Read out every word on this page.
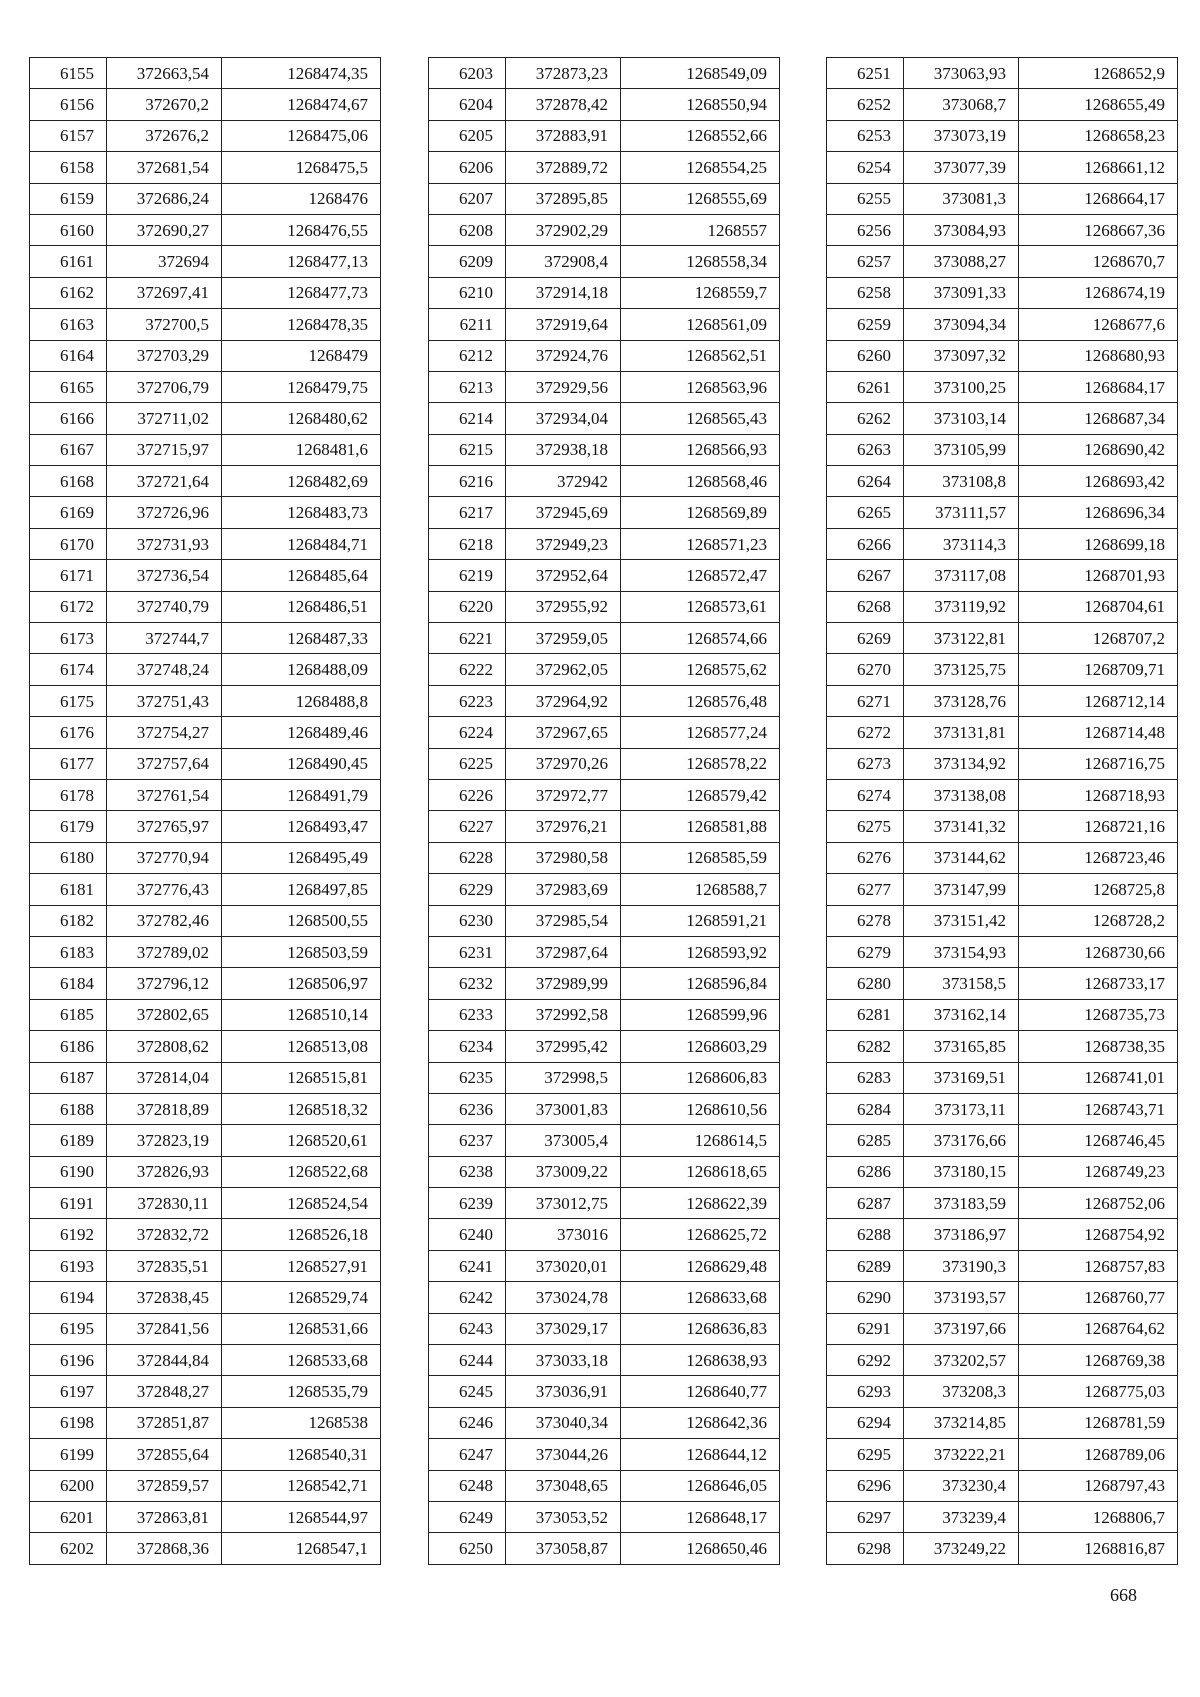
6155	372663,54	1268474,35
6156	372670,2	1268474,67
6157	372676,2	1268475,06
6158	372681,54	1268475,5
6159	372686,24	1268476
6160	372690,27	1268476,55
6161	372694	1268477,13
6162	372697,41	1268477,73
6163	372700,5	1268478,35
6164	372703,29	1268479
6165	372706,79	1268479,75
6166	372711,02	1268480,62
6167	372715,97	1268481,6
6168	372721,64	1268482,69
6169	372726,96	1268483,73
6170	372731,93	1268484,71
6171	372736,54	1268485,64
6172	372740,79	1268486,51
6173	372744,7	1268487,33
6174	372748,24	1268488,09
6175	372751,43	1268488,8
6176	372754,27	1268489,46
6177	372757,64	1268490,45
6178	372761,54	1268491,79
6179	372765,97	1268493,47
6180	372770,94	1268495,49
6181	372776,43	1268497,85
6182	372782,46	1268500,55
6183	372789,02	1268503,59
6184	372796,12	1268506,97
6185	372802,65	1268510,14
6186	372808,62	1268513,08
6187	372814,04	1268515,81
6188	372818,89	1268518,32
6189	372823,19	1268520,61
6190	372826,93	1268522,68
6191	372830,11	1268524,54
6192	372832,72	1268526,18
6193	372835,51	1268527,91
6194	372838,45	1268529,74
6195	372841,56	1268531,66
6196	372844,84	1268533,68
6197	372848,27	1268535,79
6198	372851,87	1268538
6199	372855,64	1268540,31
6200	372859,57	1268542,71
6201	372863,81	1268544,97
6202	372868,36	1268547,1
6203	372873,23	1268549,09
6204	372878,42	1268550,94
6205	372883,91	1268552,66
6206	372889,72	1268554,25
6207	372895,85	1268555,69
6208	372902,29	1268557
6209	372908,4	1268558,34
6210	372914,18	1268559,7
6211	372919,64	1268561,09
6212	372924,76	1268562,51
6213	372929,56	1268563,96
6214	372934,04	1268565,43
6215	372938,18	1268566,93
6216	372942	1268568,46
6217	372945,69	1268569,89
6218	372949,23	1268571,23
6219	372952,64	1268572,47
6220	372955,92	1268573,61
6221	372959,05	1268574,66
6222	372962,05	1268575,62
6223	372964,92	1268576,48
6224	372967,65	1268577,24
6225	372970,26	1268578,22
6226	372972,77	1268579,42
6227	372976,21	1268581,88
6228	372980,58	1268585,59
6229	372983,69	1268588,7
6230	372985,54	1268591,21
6231	372987,64	1268593,92
6232	372989,99	1268596,84
6233	372992,58	1268599,96
6234	372995,42	1268603,29
6235	372998,5	1268606,83
6236	373001,83	1268610,56
6237	373005,4	1268614,5
6238	373009,22	1268618,65
6239	373012,75	1268622,39
6240	373016	1268625,72
6241	373020,01	1268629,48
6242	373024,78	1268633,68
6243	373029,17	1268636,83
6244	373033,18	1268638,93
6245	373036,91	1268640,77
6246	373040,34	1268642,36
6247	373044,26	1268644,12
6248	373048,65	1268646,05
6249	373053,52	1268648,17
6250	373058,87	1268650,46
6251	373063,93	1268652,9
6252	373068,7	1268655,49
6253	373073,19	1268658,23
6254	373077,39	1268661,12
6255	373081,3	1268664,17
6256	373084,93	1268667,36
6257	373088,27	1268670,7
6258	373091,33	1268674,19
6259	373094,34	1268677,6
6260	373097,32	1268680,93
6261	373100,25	1268684,17
6262	373103,14	1268687,34
6263	373105,99	1268690,42
6264	373108,8	1268693,42
6265	373111,57	1268696,34
6266	373114,3	1268699,18
6267	373117,08	1268701,93
6268	373119,92	1268704,61
6269	373122,81	1268707,2
6270	373125,75	1268709,71
6271	373128,76	1268712,14
6272	373131,81	1268714,48
6273	373134,92	1268716,75
6274	373138,08	1268718,93
6275	373141,32	1268721,16
6276	373144,62	1268723,46
6277	373147,99	1268725,8
6278	373151,42	1268728,2
6279	373154,93	1268730,66
6280	373158,5	1268733,17
6281	373162,14	1268735,73
6282	373165,85	1268738,35
6283	373169,51	1268741,01
6284	373173,11	1268743,71
6285	373176,66	1268746,45
6286	373180,15	1268749,23
6287	373183,59	1268752,06
6288	373186,97	1268754,92
6289	373190,3	1268757,83
6290	373193,57	1268760,77
6291	373197,66	1268764,62
6292	373202,57	1268769,38
6293	373208,3	1268775,03
6294	373214,85	1268781,59
6295	373222,21	1268789,06
6296	373230,4	1268797,43
6297	373239,4	1268806,7
6298	373249,22	1268816,87
668
